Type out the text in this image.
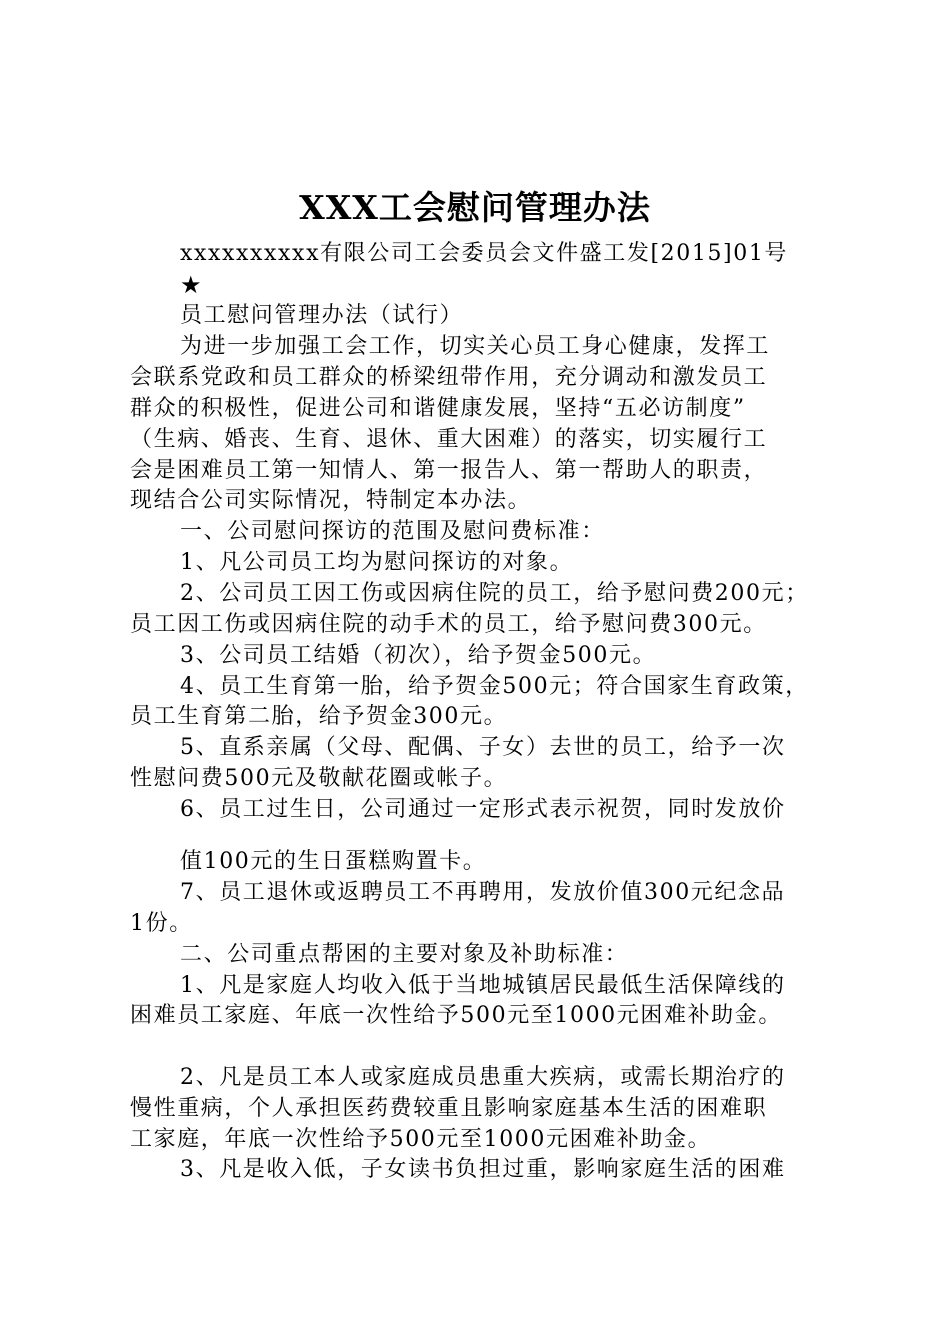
XXX工会慰问管理办法
xxxxxxxxxx有限公司工会委员会文件盛工发[2015]01号
★
员工慰问管理办法（试行）
为进一步加强工会工作，切实关心员工身心健康，发挥工
会联系党政和员工群众的桥梁纽带作用，充分调动和激发员工
群众的积极性，促进公司和谐健康发展，坚持“五必访制度”
（生病、婚丧、生育、退休、重大困难）的落实，切实履行工
会是困难员工第一知情人、第一报告人、第一帮助人的职责，
现结合公司实际情况，特制定本办法。
一、公司慰问探访的范围及慰问费标准：
1、凡公司员工均为慰问探访的对象。
2、公司员工因工伤或因病住院的员工，给予慰问费200元；
员工因工伤或因病住院的动手术的员工，给予慰问费300元。
3、公司员工结婚（初次），给予贺金500元。
4、员工生育第一胎，给予贺金500元；符合国家生育政策，
员工生育第二胎，给予贺金300元。
5、直系亲属（父母、配偶、子女）去世的员工，给予一次
性慰问费500元及敬献花圈或帐子。
6、员工过生日，公司通过一定形式表示祝贺，同时发放价
值100元的生日蛋糕购置卡。
7、员工退休或返聘员工不再聘用，发放价值300元纪念品
1份。
二、公司重点帮困的主要对象及补助标准：
1、凡是家庭人均收入低于当地城镇居民最低生活保障线的
困难员工家庭、年底一次性给予500元至1000元困难补助金。
2、凡是员工本人或家庭成员患重大疾病，或需长期治疗的
慢性重病，个人承担医药费较重且影响家庭基本生活的困难职
工家庭，年底一次性给予500元至1000元困难补助金。
3、凡是收入低，子女读书负担过重，影响家庭生活的困难
